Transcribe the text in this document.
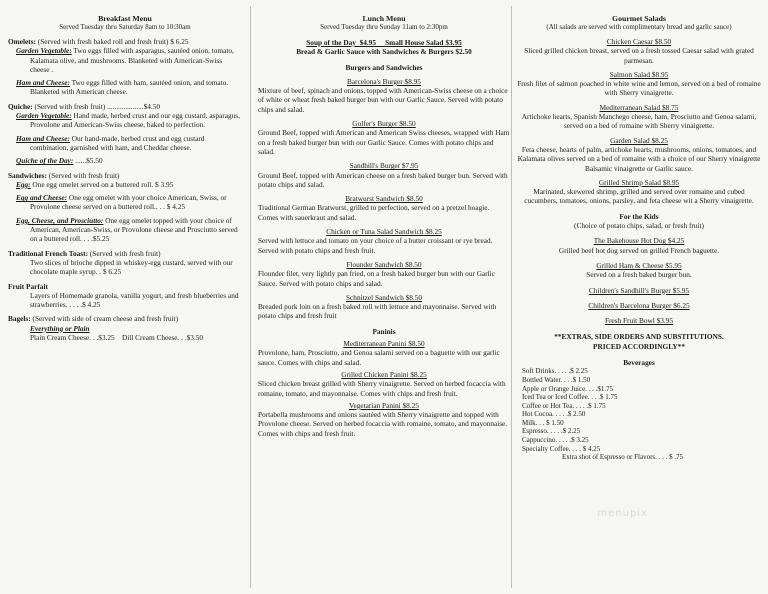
Breakfast Menu
Served Tuesday thru Saturday 8am to 10:30am
Omelets: (Served with fresh baked roll and fresh fruit) $ 6.25
Garden Vegetable: Two eggs filled with asparagus, sautéed onion, tomato, Kalamata olive, and mushrooms. Blanketed with American-Swiss cheese .
Ham and Cheese: Two eggs filled with ham, sautéed onion, and tomato. Blanketed with American cheese.
Quiche: (Served with fresh fruit) ....................$4.50
Garden Vegetable: Hand made, herbed crust and our egg custard, asparagus, Provolone and American-Swiss cheese, baked to perfection.
Ham and Cheese: Our hand-made, herbed crust and egg custard combination, garnished with ham, and Cheddar cheese.
Quiche of the Day: ......$5.50
Sandwiches: (Served with fresh fruit)
Egg: One egg omelet served on a buttered roll. $ 3.95
Egg and Cheese: One egg omelet with your choice American, Swiss, or Provolone cheese served on a buttered roll.. . . $ 4.25
Egg, Cheese, and Prosciutto: One egg omelet topped with your choice of American, American-Swiss, or Provolone cheese and Prosciutto served on a buttered roll. . . .$5.25
Traditional French Toast: (Served with fresh fruit)
Two slices of brioche dipped in whiskey-egg custard, served with our chocolate maple syrup. . $ 6.25
Fruit Parfait
Layers of Homemade granola, vanilla yogurt, and fresh blueberries and strawberries. . . . .$ 4.25
Bagels: (Served with side of cream cheese and fresh fruit)
Everything or Plain
Plain Cream Cheese. . .$3.25    Dill Cream Cheese. . .$3.50
Lunch Menu
Served Tuesday thru Sunday 11am to 2:30pm
Soup of the Day  $4.95     Small House Salad $3.95
Bread & Garlic Sauce with Sandwiches & Burgers $2.50
Burgers and Sandwiches
Barcelona's Burger $8.95
Mixture of beef, spinach and onions, topped with American-Swiss cheese on a choice of white or wheat fresh baked burger bun with our Garlic Sauce. Served with potato chips and salad.
Golfer's Burger $8.50
Ground Beef, topped with American and American Swiss cheeses, wrapped with Ham on a fresh baked burger bun with our Garlic Sauce. Comes with potato chips and salad.
Sandhill's Burger $7.95
Ground Beef, topped with American cheese on a fresh baked burger bun. Served with potato chips and salad.
Bratwurst Sandwich $8.50
Traditional German Bratwurst, grilled to perfection, served on a pretzel hoagie. Comes with sauerkraut and salad.
Chicken or Tuna Salad Sandwich $8.25
Served with lettuce and tomato on your choice of a butter croissant or rye bread. Served with potato chips and fresh fruit.
Flounder Sandwich $8.50
Flounder filet, very lightly pan fried, on a fresh baked burger bun with our Garlic Sauce. Served with potato chips and salad.
Schnitzel Sandwich $8.50
Breaded pork loin on a fresh baked roll with lettuce and mayonnaise. Served with potato chips and fresh fruit
Paninis
Mediterranean Panini $8.50
Provolone, ham, Prosciutto, and Genoa salami served on a baguette with our garlic sauce. Comes with chips and salad.
Grilled Chicken Panini $8.25
Sliced chicken breast grilled with Sherry vinaigrette. Served on herbed focaccia with romaine, tomato, and mayonnaise. Comes with chips and fresh fruit.
Vegetarian Panini $8.25
Portabella mushrooms and onions sautéed with Sherry vinaigrette and topped with Provolone cheese. Served on herbed focaccia with romaine, tomato, and mayonnaise. Comes with chips and fresh fruit.
Gourmet Salads
(All salads are served with complimentary bread and garlic sauce)
Chicken Caesar $8.50
Sliced grilled chicken breast, served on a fresh tossed Caesar salad with grated parmesan.
Salmon Salad $8.95
Fresh filet of salmon poached in white wine and lemon, served on a bed of romaine with Sherry vinaigrette.
Mediterranean Salad $8.75
Artichoke hearts, Spanish Manchego cheese, ham, Prosciutto and Genoa salami, served on a bed of romaine with Sherry vinaigrette.
Garden Salad $8.25
Feta cheese, hearts of palm, artichoke hearts, mushrooms, onions, tomatoes, and Kalamata olives served on a bed of romaine with a choice of our Sherry vinaigrette Balsamic vinaigrette or Garlic sauce.
Grilled Shrimp Salad $8.95
Marinated, skewered shrimp, grilled and served over romaine and cubed cucumbers, tomatoes, onions, parsley, and feta cheese wit a Sherry vinaigrette.
For the Kids
(Choice of potato chips, salad, or fresh fruit)
The Bakehouse Hot Dog $4.25
Grilled beef hot dog served on grilled French baguette.
Grilled Ham & Cheese $5.95
Served on a fresh baked burger bun.
Children's Sandhill's Burger $5.95
Children's Barcelona Burger $6.25
Fresh Fruit Bowl $3.95
**EXTRAS, SIDE ORDERS AND SUBSTITUTIONS.
PRICED ACCORDINGLY**
Beverages
Soft Drinks. . . . .$ 2.25
Bottled Water. . . .$ 1.50
Apple or Orange Juice. . . .$1.75
Iced Tea or Iced Coffee. . . .$ 1.75
Coffee or Hot Tea. . . . .$ 1.75
Hot Cocoa. . . . .$ 2.50
Milk. . . $ 1.50
Espresso. . . . .$ 2.25
Cappuccino. . . . .$ 3.25
Specialty Coffee. . . . $ 4.25
Extra shot of Espresso or Flavors. . . . $ .75
menupix
